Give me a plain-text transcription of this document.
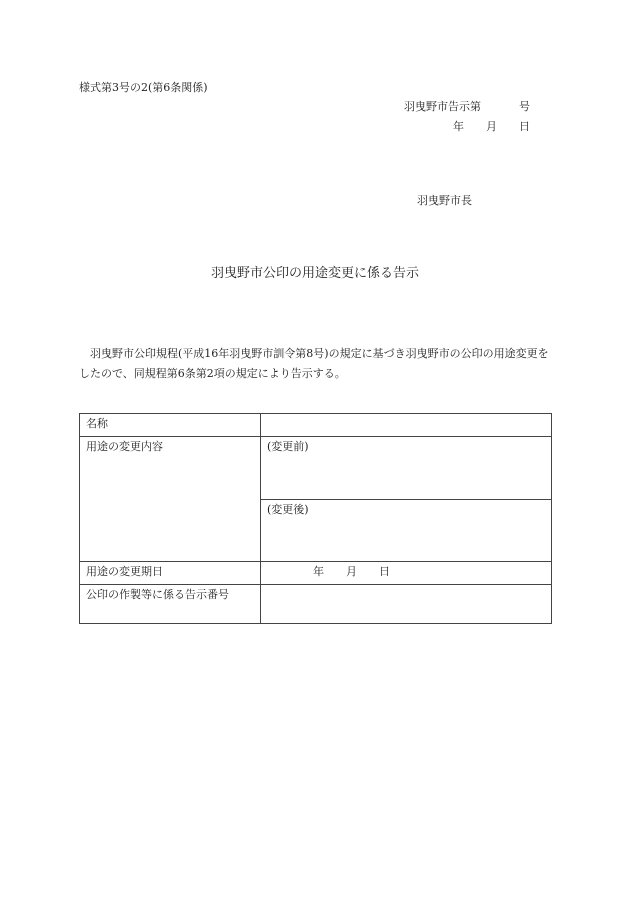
様式第3号の2(第6条関係)
羽曳野市告示第	号
年 月 日
羽曳野市長
羽曳野市公印の用途変更に係る告示
羽曳野市公印規程(平成16年羽曳野市訓令第8号)の規定に基づき羽曳野市の公印の用途変更をしたので、同規程第6条第2項の規定により告示する。
名称	
用途の変更内容	(変更前)
	(変更後)
用途の変更期日	年 月 日
公印の作製等に係る告示番号	
